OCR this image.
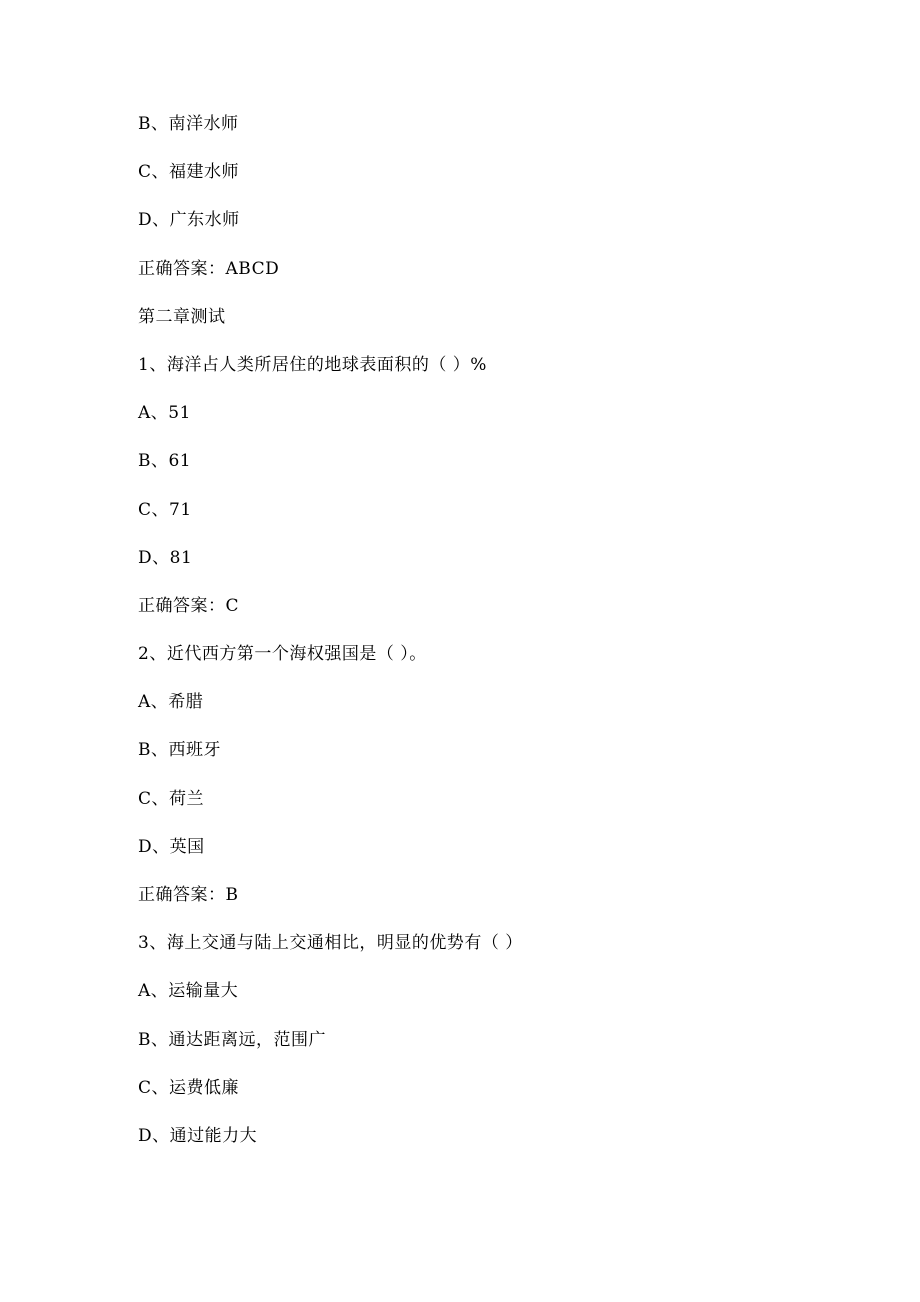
B、南洋水师
C、福建水师
D、广东水师
正确答案：ABCD
第二章测试
1、海洋占人类所居住的地球表面积的（ ）%
A、51
B、61
C、71
D、81
正确答案：C
2、近代西方第一个海权强国是（ ）。
A、希腊
B、西班牙
C、荷兰
D、英国
正确答案：B
3、海上交通与陆上交通相比，明显的优势有（ ）
A、运输量大
B、通达距离远，范围广
C、运费低廉
D、通过能力大
